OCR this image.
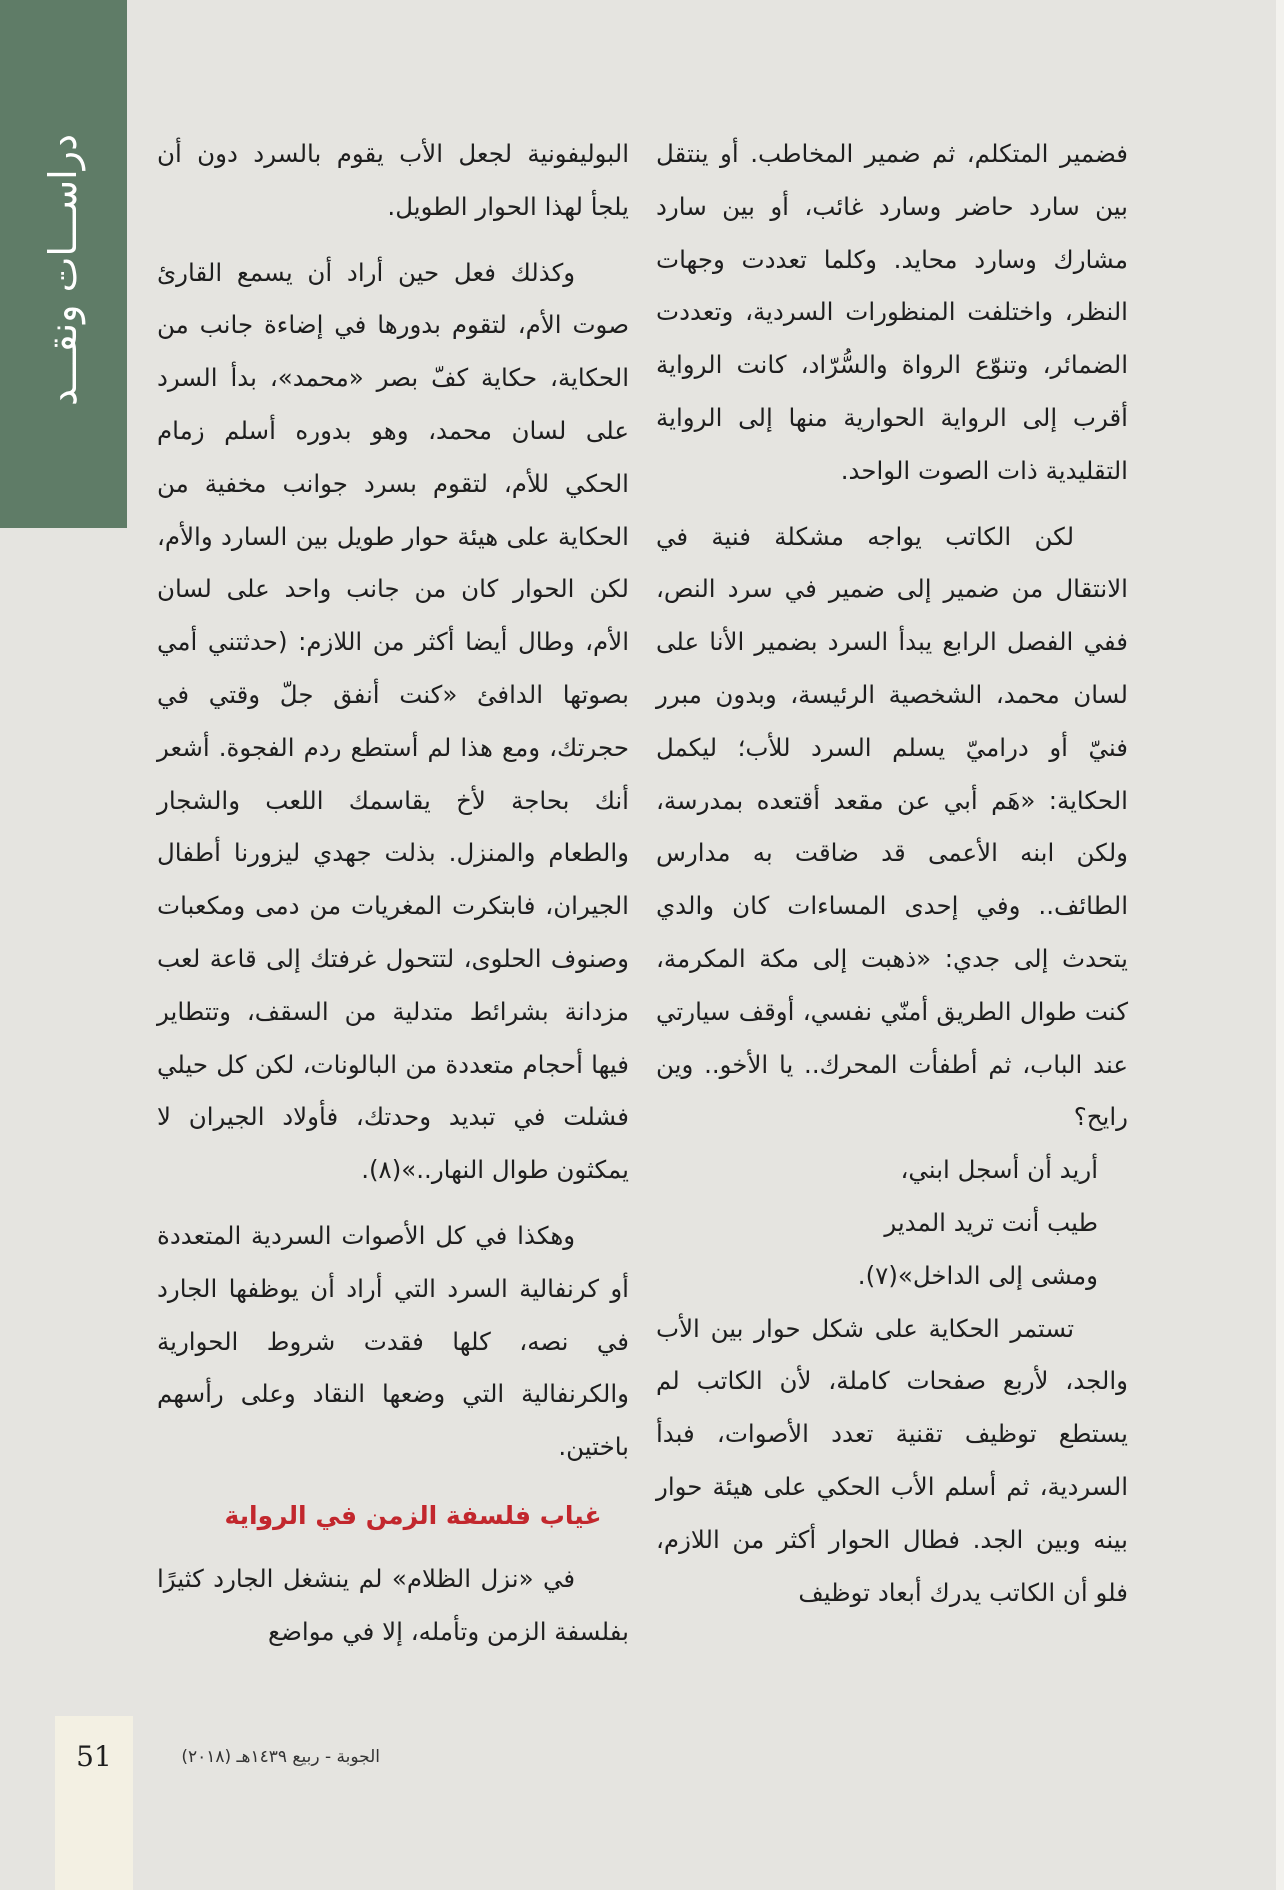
دراســـات ونقـــد	فضمير المتكلم، ثم ضمير المخاطب. أو ينتقل بين سارد حاضر وسارد غائب، أو بين سارد مشارك وسارد محايد. وكلما تعددت وجهات النظر، واختلفت المنظورات السردية، وتعددت الضمائر، وتنوّع الرواة والسُّرّاد، كانت الرواية أقرب إلى الرواية الحوارية منها إلى الرواية التقليدية ذات الصوت الواحد.

لكن الكاتب يواجه مشكلة فنية في الانتقال من ضمير إلى ضمير في سرد النص، ففي الفصل الرابع يبدأ السرد بضمير الأنا على لسان محمد، الشخصية الرئيسة، وبدون مبرر فنيّ أو دراميّ يسلم السرد للأب؛ ليكمل الحكاية: «هَم أبي عن مقعد أقتعده بمدرسة، ولكن ابنه الأعمى قد ضاقت به مدارس الطائف.. وفي إحدى المساءات كان والدي يتحدث إلى جدي: «ذهبت إلى مكة المكرمة، كنت طوال الطريق أمنّي نفسي، أوقف سيارتي عند الباب، ثم أطفأت المحرك.. يا الأخو.. وين رايح؟

أريد أن أسجل ابني،

طيب أنت تريد المدير

ومشى إلى الداخل»(٧).

تستمر الحكاية على شكل حوار بين الأب والجد، لأربع صفحات كاملة، لأن الكاتب لم يستطع توظيف تقنية تعدد الأصوات، فبدأ السردية، ثم أسلم الأب الحكي على هيئة حوار بينه وبين الجد. فطال الحوار أكثر من اللازم، فلو أن الكاتب يدرك أبعاد توظيف

البوليفونية لجعل الأب يقوم بالسرد دون أن يلجأ لهذا الحوار الطويل.

وكذلك فعل حين أراد أن يسمع القارئ صوت الأم، لتقوم بدورها في إضاءة جانب من الحكاية، حكاية كفّ بصر «محمد»، بدأ السرد على لسان محمد، وهو بدوره أسلم زمام الحكي للأم، لتقوم بسرد جوانب مخفية من الحكاية على هيئة حوار طويل بين السارد والأم، لكن الحوار كان من جانب واحد على لسان الأم، وطال أيضا أكثر من اللازم: (حدثتني أمي بصوتها الدافئ «كنت أنفق جلّ وقتي في حجرتك، ومع هذا لم أستطع ردم الفجوة. أشعر أنك بحاجة لأخ يقاسمك اللعب والشجار والطعام والمنزل. بذلت جهدي ليزورنا أطفال الجيران، فابتكرت المغريات من دمى ومكعبات وصنوف الحلوى، لتتحول غرفتك إلى قاعة لعب مزدانة بشرائط متدلية من السقف، وتتطاير فيها أحجام متعددة من البالونات، لكن كل حيلي فشلت في تبديد وحدتك، فأولاد الجيران لا يمكثون طوال النهار..»(٨).

وهكذا في كل الأصوات السردية المتعددة أو كرنفالية السرد التي أراد أن يوظفها الجارد في نصه، كلها فقدت شروط الحوارية والكرنفالية التي وضعها النقاد وعلى رأسهم باختين.

غياب فلسفة الزمن في الرواية

في «نزل الظلام» لم ينشغل الجارد كثيرًا بفلسفة الزمن وتأمله، إلا في مواضع

51	الجوبة - ربيع ١٤٣٩هـ (٢٠١٨)
